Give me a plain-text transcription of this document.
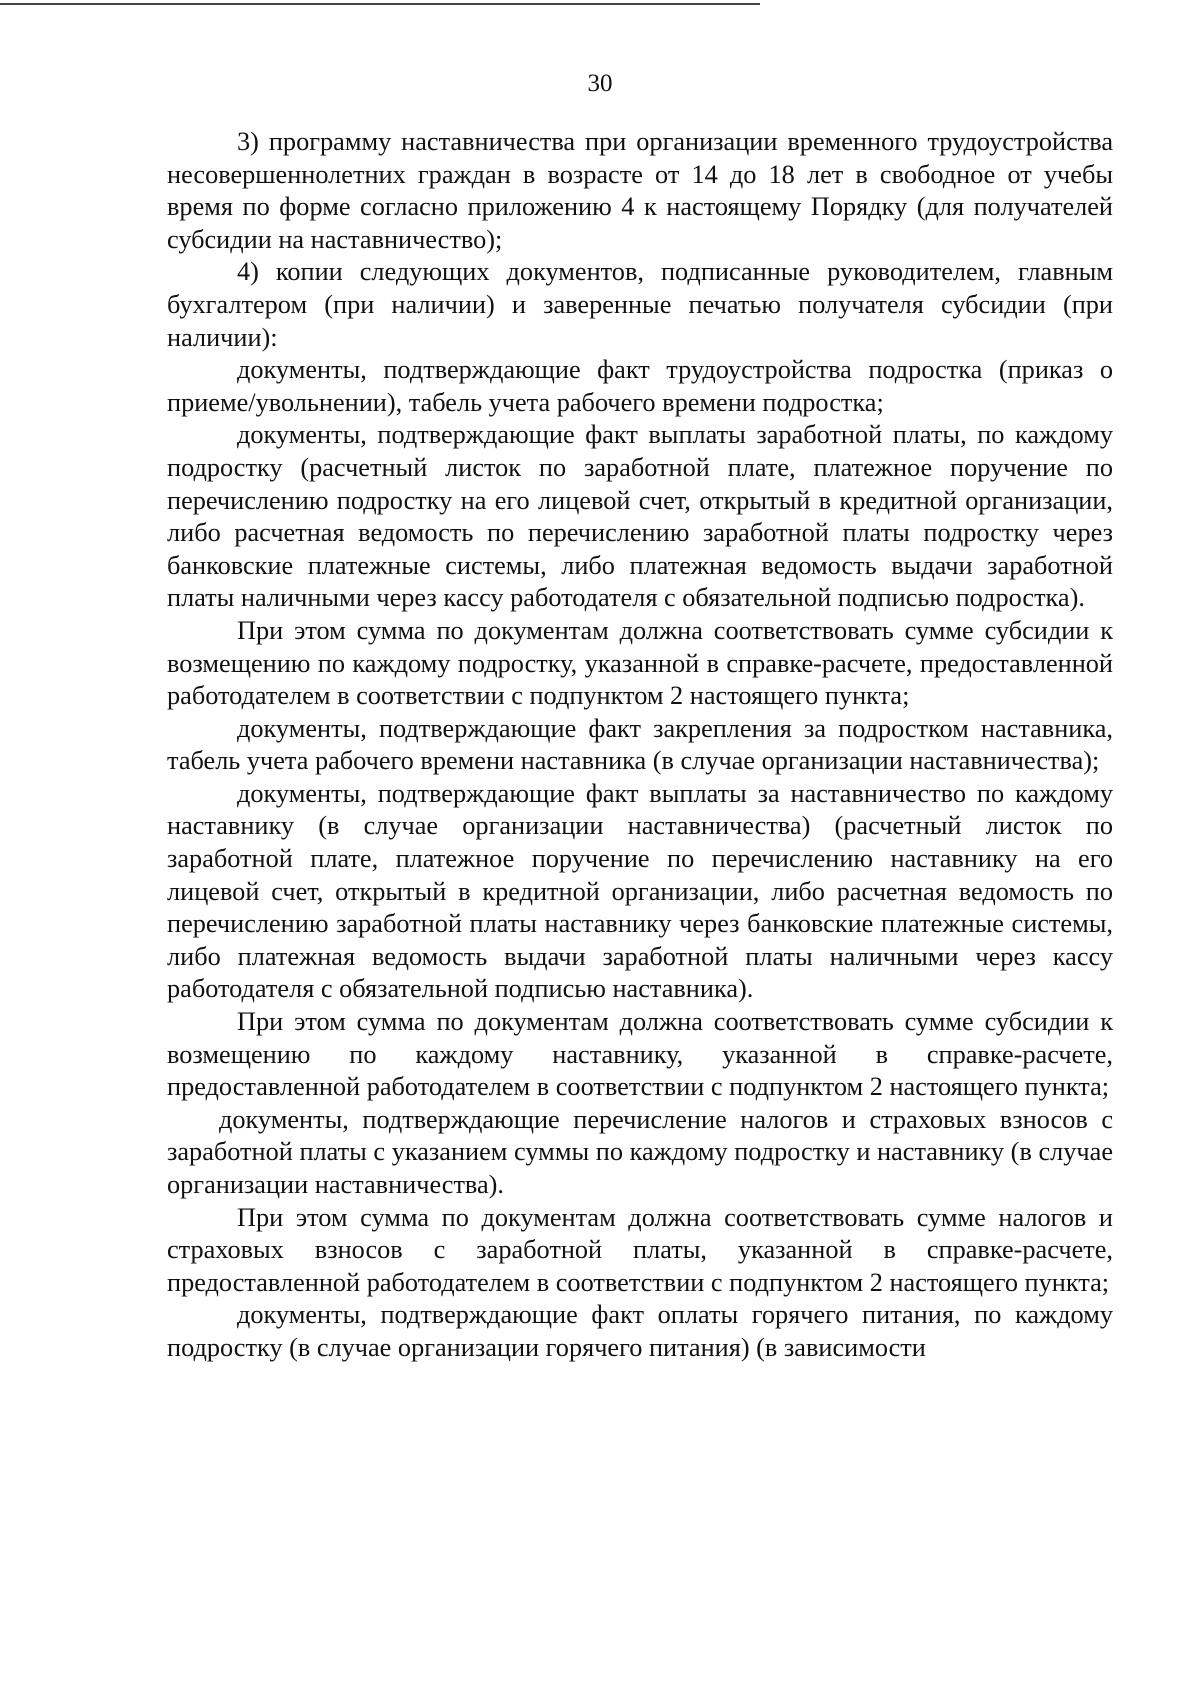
30

3) программу наставничества при организации временного трудоустройства несовершеннолетних граждан в возрасте от 14 до 18 лет в свободное от учебы время по форме согласно приложению 4 к настоящему Порядку (для получателей субсидии на наставничество);

4) копии следующих документов, подписанные руководителем, главным бухгалтером (при наличии) и заверенные печатью получателя субсидии (при наличии):

документы, подтверждающие факт трудоустройства подростка (приказ о приеме/увольнении), табель учета рабочего времени подростка;

документы, подтверждающие факт выплаты заработной платы, по каждому подростку (расчетный листок по заработной плате, платежное поручение по перечислению подростку на его лицевой счет, открытый в кредитной организации, либо расчетная ведомость по перечислению заработной платы подростку через банковские платежные системы, либо платежная ведомость выдачи заработной платы наличными через кассу работодателя с обязательной подписью подростка).

При этом сумма по документам должна соответствовать сумме субсидии к возмещению по каждому подростку, указанной в справке-расчете, предоставленной работодателем в соответствии с подпунктом 2 настоящего пункта;

документы, подтверждающие факт закрепления за подростком наставника, табель учета рабочего времени наставника (в случае организации наставничества);

документы, подтверждающие факт выплаты за наставничество по каждому наставнику (в случае организации наставничества) (расчетный листок по заработной плате, платежное поручение по перечислению наставнику на его лицевой счет, открытый в кредитной организации, либо расчетная ведомость по перечислению заработной платы наставнику через банковские платежные системы, либо платежная ведомость выдачи заработной платы наличными через кассу работодателя с обязательной подписью наставника).

При этом сумма по документам должна соответствовать сумме субсидии к возмещению по каждому наставнику, указанной в справке-расчете, предоставленной работодателем в соответствии с подпунктом 2 настоящего пункта;

документы, подтверждающие перечисление налогов и страховых взносов с заработной платы с указанием суммы по каждому подростку и наставнику (в случае организации наставничества).

При этом сумма по документам должна соответствовать сумме налогов и страховых взносов с заработной платы, указанной в справке-расчете, предоставленной работодателем в соответствии с подпунктом 2 настоящего пункта;

документы, подтверждающие факт оплаты горячего питания, по каждому подростку (в случае организации горячего питания) (в зависимости
